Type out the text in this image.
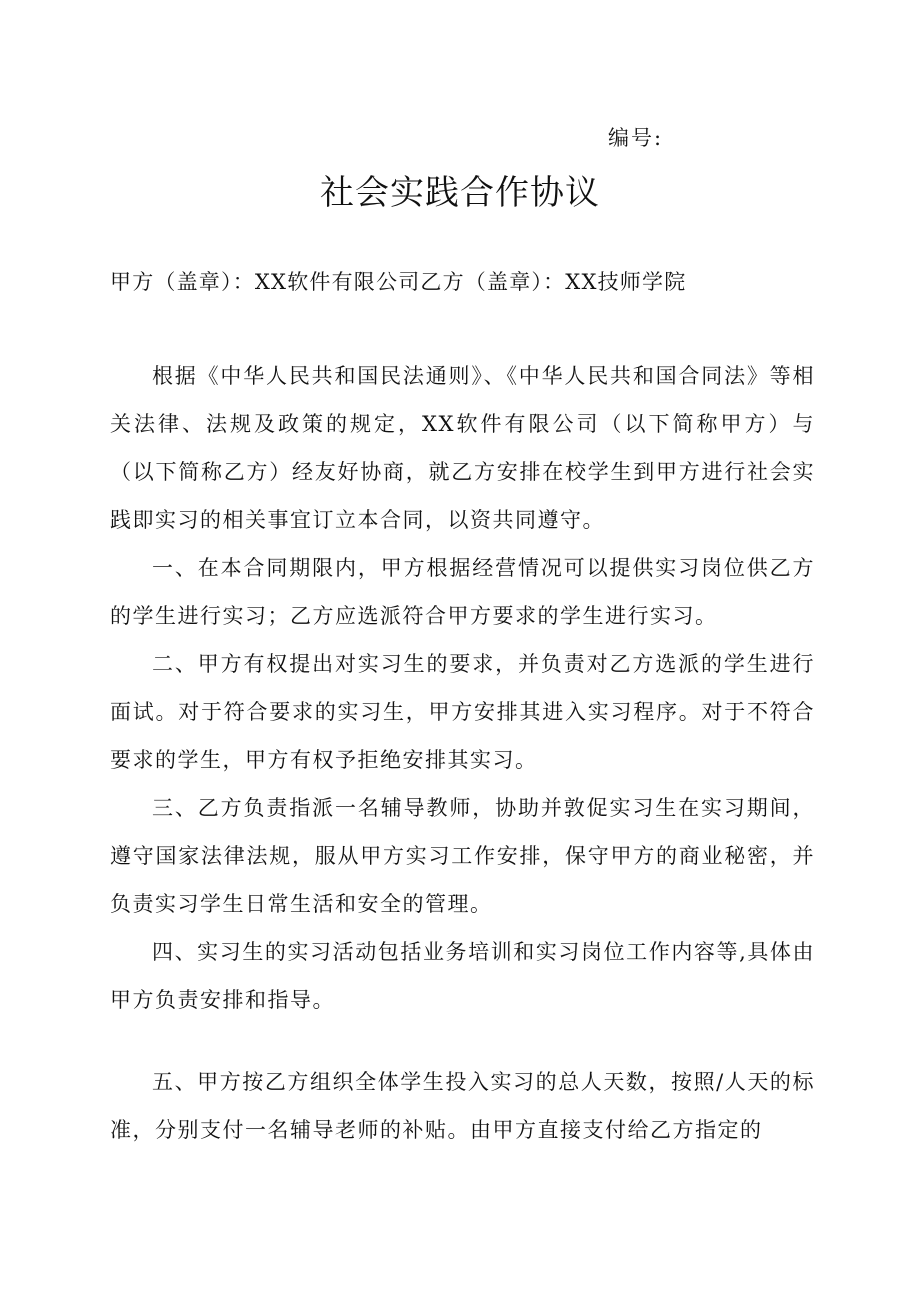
编号:
社会实践合作协议
甲方（盖章）：XX软件有限公司乙方（盖章）：XX技师学院

根据《中华人民共和国民法通则》、《中华人民共和国合同法》等相关法律、法规及政策的规定，XX软件有限公司（以下简称甲方）与（以下简称乙方）经友好协商，就乙方安排在校学生到甲方进行社会实践即实习的相关事宜订立本合同，以资共同遵守。

一、在本合同期限内，甲方根据经营情况可以提供实习岗位供乙方的学生进行实习；乙方应选派符合甲方要求的学生进行实习。

二、甲方有权提出对实习生的要求，并负责对乙方选派的学生进行面试。对于符合要求的实习生，甲方安排其进入实习程序。对于不符合要求的学生，甲方有权予拒绝安排其实习。

三、乙方负责指派一名辅导教师，协助并敦促实习生在实习期间，遵守国家法律法规，服从甲方实习工作安排，保守甲方的商业秘密，并负责实习学生日常生活和安全的管理。

四、实习生的实习活动包括业务培训和实习岗位工作内容等,具体由甲方负责安排和指导。

五、甲方按乙方组织全体学生投入实习的总人天数，按照/人天的标准，分别支付一名辅导老师的补贴。由甲方直接支付给乙方指定的
